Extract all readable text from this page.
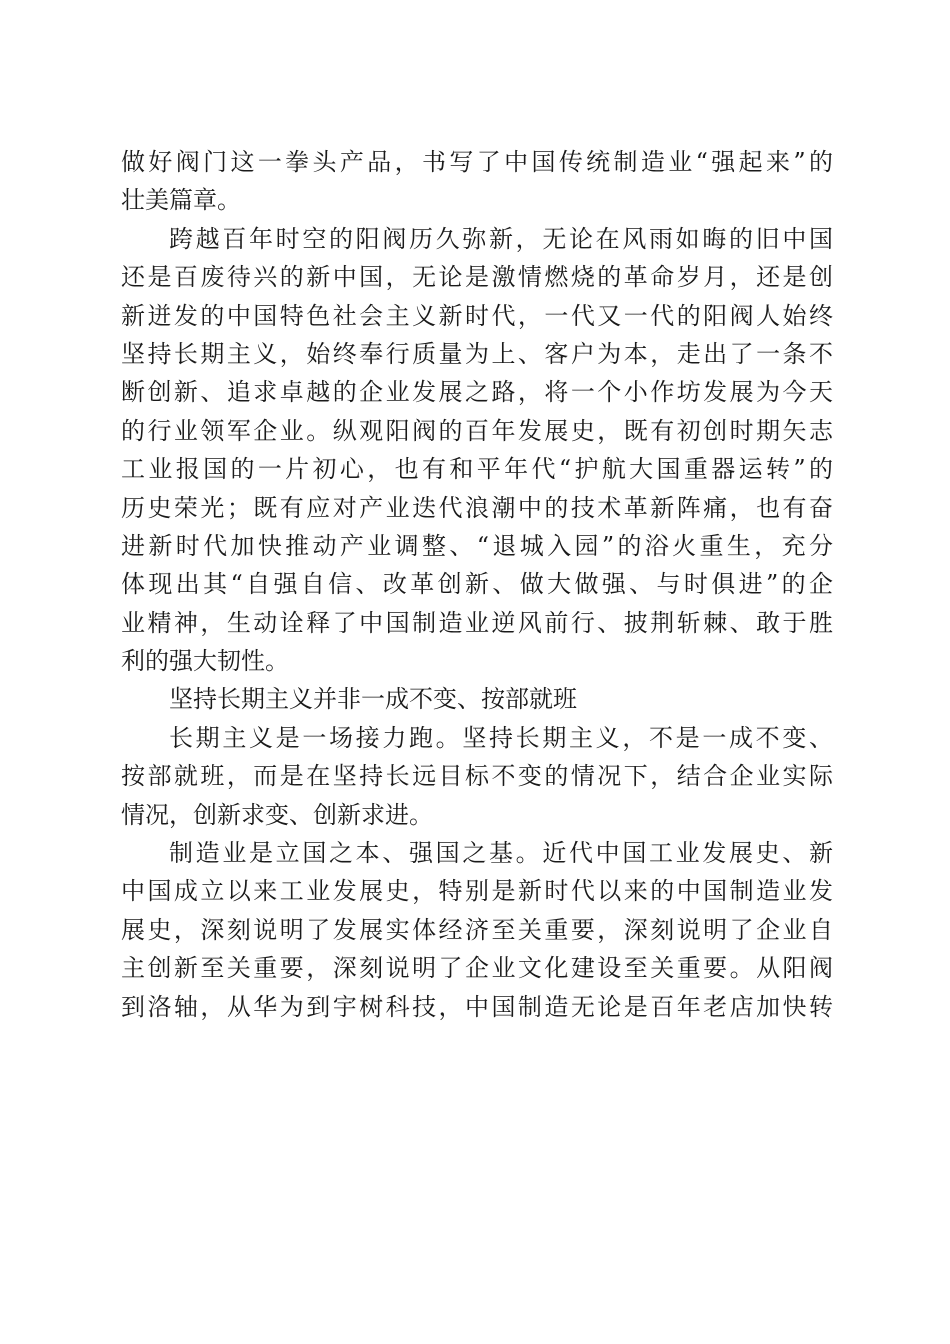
做好阀门这一拳头产品，书写了中国传统制造业“强起来”的
壮美篇章。
跨越百年时空的阳阀历久弥新，无论在风雨如晦的旧中国
还是百废待兴的新中国，无论是激情燃烧的革命岁月，还是创
新迸发的中国特色社会主义新时代，一代又一代的阳阀人始终
坚持长期主义，始终奉行质量为上、客户为本，走出了一条不
断创新、追求卓越的企业发展之路，将一个小作坊发展为今天
的行业领军企业。纵观阳阀的百年发展史，既有初创时期矢志
工业报国的一片初心，也有和平年代“护航大国重器运转”的
历史荣光；既有应对产业迭代浪潮中的技术革新阵痛，也有奋
进新时代加快推动产业调整、“退城入园”的浴火重生，充分
体现出其“自强自信、改革创新、做大做强、与时俱进”的企
业精神，生动诠释了中国制造业逆风前行、披荆斩棘、敢于胜
利的强大韧性。
坚持长期主义并非一成不变、按部就班
长期主义是一场接力跑。坚持长期主义，不是一成不变、
按部就班，而是在坚持长远目标不变的情况下，结合企业实际
情况，创新求变、创新求进。
制造业是立国之本、强国之基。近代中国工业发展史、新
中国成立以来工业发展史，特别是新时代以来的中国制造业发
展史，深刻说明了发展实体经济至关重要，深刻说明了企业自
主创新至关重要，深刻说明了企业文化建设至关重要。从阳阀
到洛轴，从华为到宇树科技，中国制造无论是百年老店加快转
